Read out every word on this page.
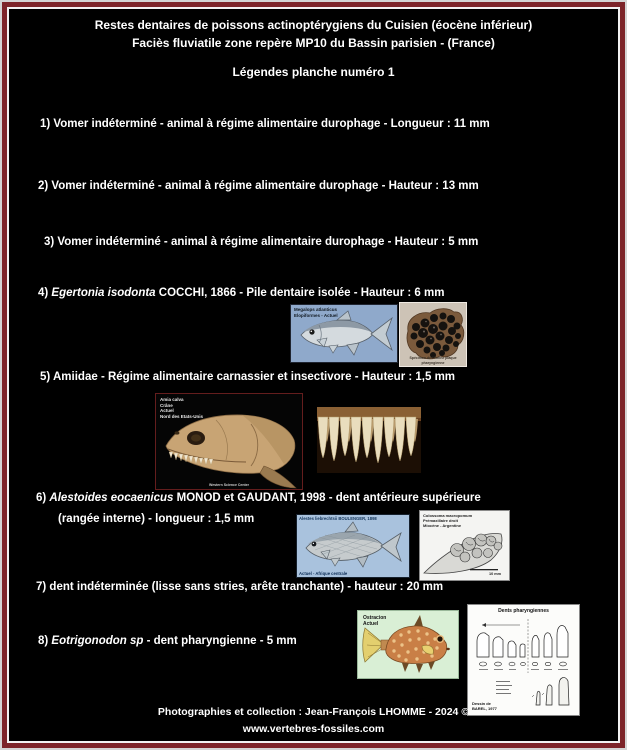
Restes dentaires de poissons actinoptérygiens du Cuisien (éocène inférieur)
Faciès fluviatile zone repère MP10 du Bassin parisien - (France)
Légendes planche numéro 1
1) Vomer indéterminé - animal à régime alimentaire durophage - Longueur : 11 mm
2) Vomer indéterminé - animal à régime alimentaire durophage - Hauteur : 13 mm
3) Vomer indéterminé - animal à régime alimentaire durophage - Hauteur : 5 mm
4) Egertonia isodonta COCCHI, 1866 - Pile dentaire isolée - Hauteur : 6 mm
5) Amiidae - Régime alimentaire carnassier et insectivore - Hauteur : 1,5 mm
6) Alestoides eocaenicus MONOD et GAUDANT, 1998 - dent antérieure supérieure
(rangée interne) - longueur : 1,5 mm
7) dent indéterminée (lisse sans stries, arête tranchante) - hauteur : 20 mm
8) Eotrigonodon sp - dent pharyngienne - 5 mm
Megalops atlanticus
Elopiformes - Actuel
Spécimen de l'Yonne plaque pharyngienne
Amia calva
Crâne
Actuel
Nord des Etats-Unis
Western Science Center
Alestes liebrechtsii BOULENGER, 1898
Actuel - Afrique centrale
Colossoma macropomum
Prémaxillaire droit
Miocène - Argentine
10 mm
Ostracion
Actuel
Dents pharyngiennes
Dessin de
BAREL, 1977
Photographies et collection : Jean-François LHOMME - 2024 ©
www.vertebres-fossiles.com
